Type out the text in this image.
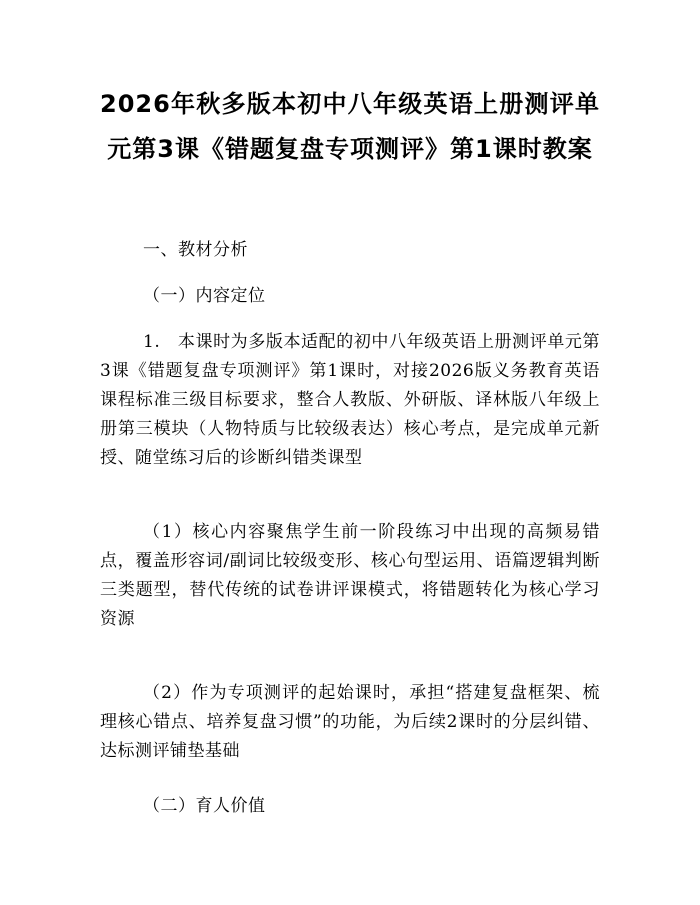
2026年秋多版本初中八年级英语上册测评单元第3课《错题复盘专项测评》第1课时教案
一、教材分析
（一）内容定位
1.　本课时为多版本适配的初中八年级英语上册测评单元第3课《错题复盘专项测评》第1课时，对接2026版义务教育英语课程标准三级目标要求，整合人教版、外研版、译林版八年级上册第三模块（人物特质与比较级表达）核心考点，是完成单元新授、随堂练习后的诊断纠错类课型
（1）核心内容聚焦学生前一阶段练习中出现的高频易错点，覆盖形容词/副词比较级变形、核心句型运用、语篇逻辑判断三类题型，替代传统的试卷讲评课模式，将错题转化为核心学习资源
（2）作为专项测评的起始课时，承担“搭建复盘框架、梳理核心错点、培养复盘习惯”的功能，为后续2课时的分层纠错、达标测评铺垫基础
（二）育人价值
